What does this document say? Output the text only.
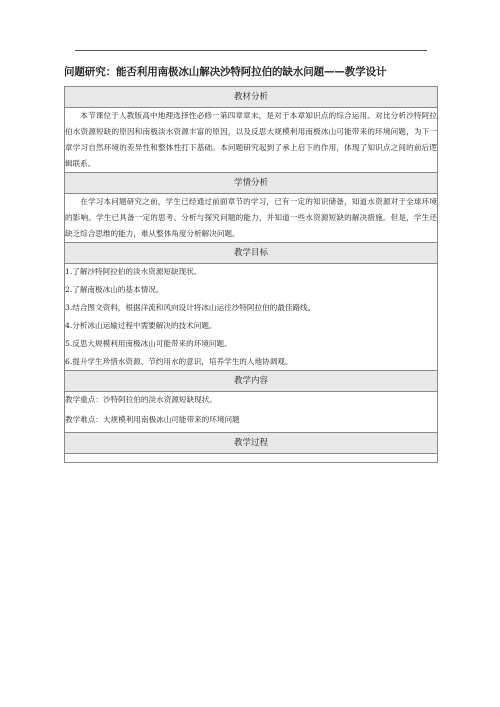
问题研究：能否利用南极冰山解决沙特阿拉伯的缺水问题——教学设计
教材分析
本节课位于人教版高中地理选择性必修一第四章章末，是对于本章知识点的综合运用。对比分析沙特阿拉伯水资源短缺的原因和南极淡水资源丰富的原因，以及反思大规模利用南极冰山可能带来的环境问题，为下一章学习自然环境的差异性和整体性打下基础。本问题研究起到了承上启下的作用，体现了知识点之间的前后逻辑联系。
学情分析
在学习本问题研究之前，学生已经通过前面章节的学习，已有一定的知识储备，知道水资源对于全球环境的影响。学生已具备一定的思考、分析与探究问题的能力，并知道一些水资源短缺的解决措施。但是，学生还缺乏综合思维的能力，难从整体角度分析解决问题。
教学目标

1.了解沙特阿拉伯的淡水资源短缺现状。
2.了解南极冰山的基本情况。
3.结合图文资料，根据洋流和风向设计将冰山运往沙特阿拉伯的最佳路线。
4.分析冰山运输过程中需要解决的技术问题。
5.反思大规模利用南极冰山可能带来的环境问题。
6.提升学生珍惜水资源、节约用水的意识，培养学生的人地协调观。

教学内容

教学重点：沙特阿拉伯的淡水资源短缺现状。
教学难点：大规模利用南极冰山可能带来的环境问题

教学过程
